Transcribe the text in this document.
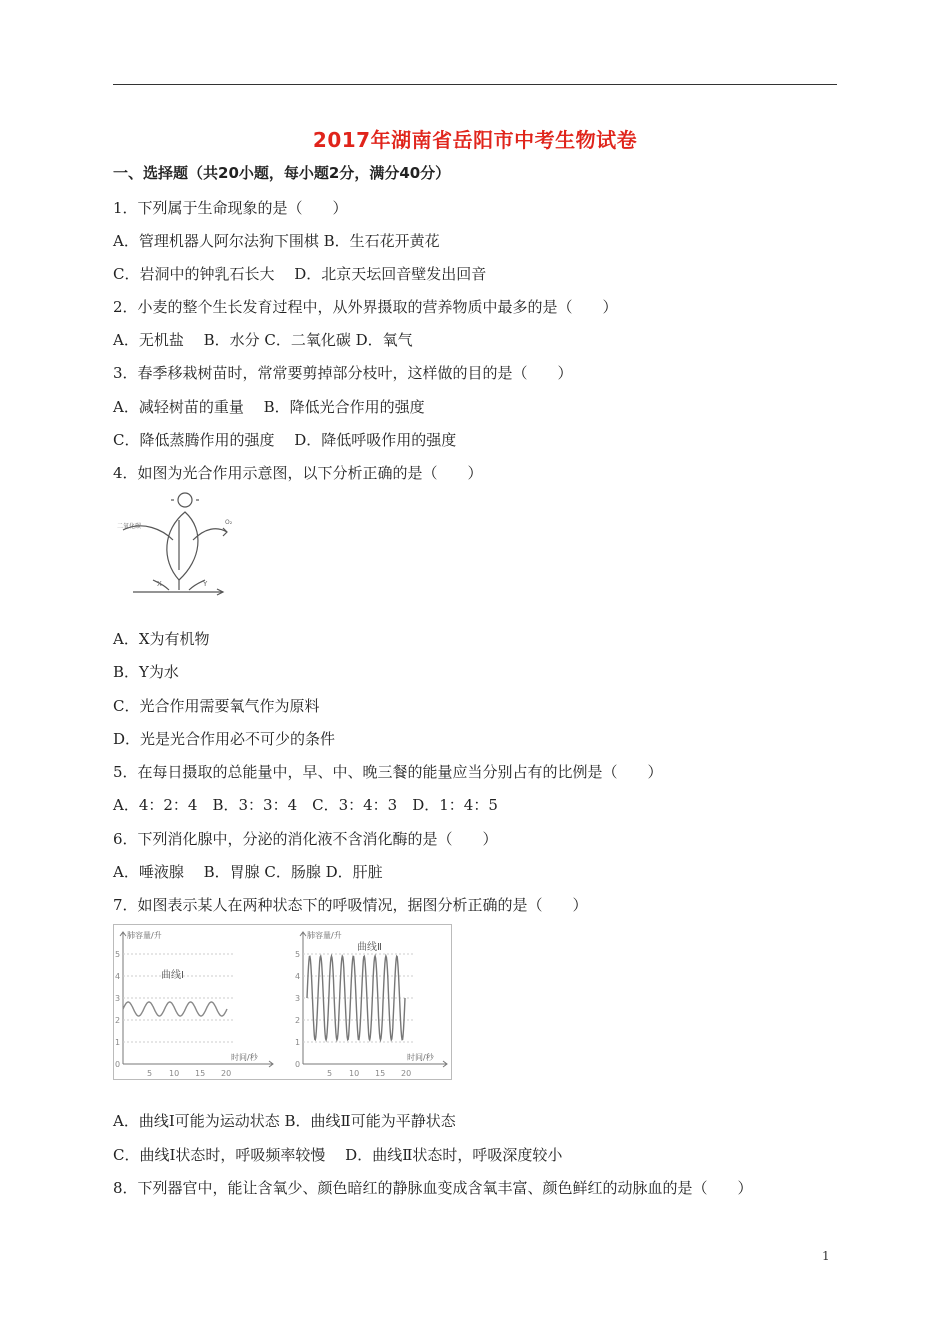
2017年湖南省岳阳市中考生物试卷
一、选择题（共20小题，每小题2分，满分40分）
1．下列属于生命现象的是（　　）
A．管理机器人阿尔法狗下围棋 B．生石花开黄花
C．岩洞中的钟乳石长大　 D．北京天坛回音壁发出回音
2．小麦的整个生长发育过程中，从外界摄取的营养物质中最多的是（　　）
A．无机盐　 B．水分 C．二氧化碳 D．氧气
3．春季移栽树苗时，常常要剪掉部分枝叶，这样做的目的是（　　）
A．减轻树苗的重量　 B．降低光合作用的强度
C．降低蒸腾作用的强度　 D．降低呼吸作用的强度
4．如图为光合作用示意图，以下分析正确的是（　　）
二氧化碳
O₂
X	Y
A．X为有机物
B．Y为水
C．光合作用需要氧气作为原料
D．光是光合作用必不可少的条件
5．在每日摄取的总能量中，早、中、晚三餐的能量应当分别占有的比例是（　　）
A．4：2：4　B．3：3：4　C．3：4：3　D．1：4：5
6．下列消化腺中，分泌的消化液不含消化酶的是（　　）
A．唾液腺　 B．胃腺 C．肠腺 D．肝脏
7．如图表示某人在两种状态下的呼吸情况，据图分析正确的是（　　）
肺容量/升
时间/秒
曲线Ⅰ
0
1
2
3
4
5
5 10 15 20
肺容量/升
时间/秒
曲线Ⅱ
0
1
2
3
4
5
5 10 15 20
A．曲线Ⅰ可能为运动状态 B．曲线Ⅱ可能为平静状态
C．曲线Ⅰ状态时，呼吸频率较慢　 D．曲线Ⅱ状态时，呼吸深度较小
8．下列器官中，能让含氧少、颜色暗红的静脉血变成含氧丰富、颜色鲜红的动脉血的是（　　）
1
